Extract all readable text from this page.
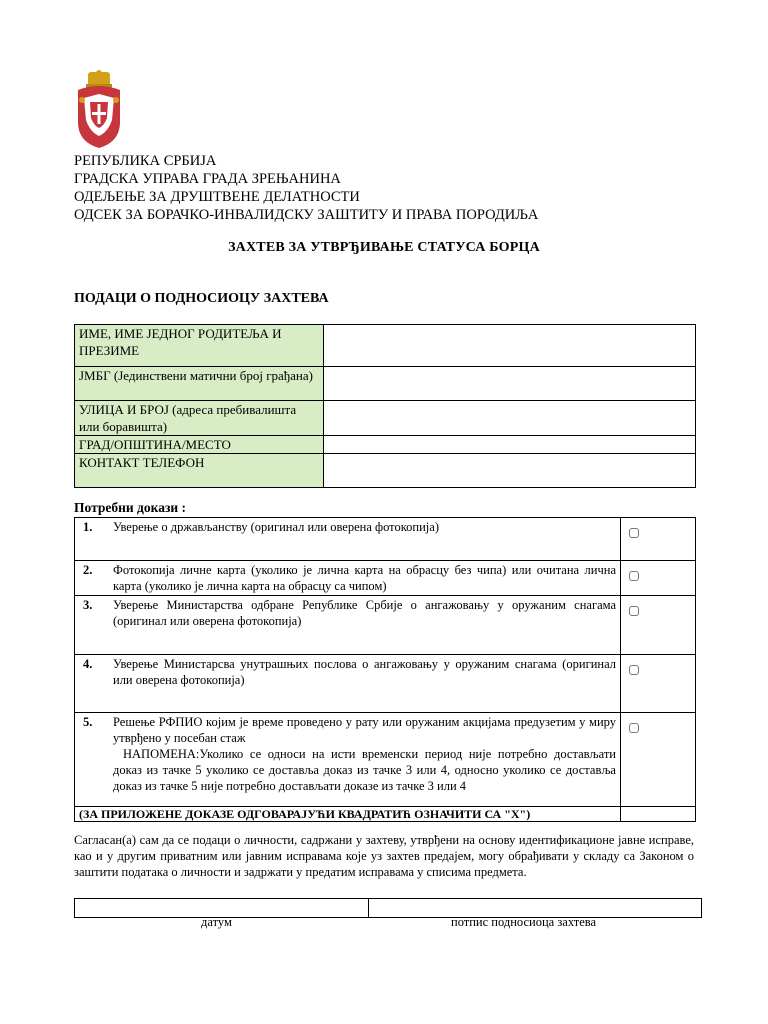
РЕПУБЛИКА СРБИЈА
ГРАДСКА УПРАВА ГРАДА ЗРЕЊАНИНА
ОДЕЉЕЊЕ ЗА ДРУШТВЕНЕ ДЕЛАТНОСТИ
ОДСЕК ЗА БОРАЧКО-ИНВАЛИДСКУ ЗАШТИТУ И ПРАВА ПОРОДИЉА
ЗАХТЕВ ЗА УТВРЂИВАЊЕ СТАТУСА БОРЦА
ПОДАЦИ О ПОДНОСИОЦУ ЗАХТЕВА
ИМЕ, ИМЕ ЈЕДНОГ РОДИТЕЉА И ПРЕЗИМЕ	
ЈМБГ (Јединствени матични број грађана)	
УЛИЦА И БРОЈ (адреса пребивалишта или боравишта)	
ГРАД/ОПШТИНА/МЕСТО	
КОНТАКТ ТЕЛЕФОН	
Потребни докази :
1.	Уверење о држављанству (оригинал или оверена фотокопија)	
2.	Фотокопија личне карта (уколико је лична карта на обрасцу без чипа) или очитана лична карта (уколико је лична карта на обрасцу са чипом)	
3.	Уверење Министарства одбране Републике Србије о ангажовању у оружаним снагама (оригинал или оверена фотокопија)	
4.	Уверење Министарсва унутрашњих послова о ангажовању у оружаним снагама (оригинал или оверена фотокопија)	
5.	Решење РФПИО којим је време проведено у рату или оружаним акцијама предузетим у миру утврђено у посебан стаж
НАПОМЕНА:Уколико се односи на исти временски период није потребно достављати доказ из тачке 5 уколико се доставља доказ из тачке 3 или 4, односно уколико се доставља доказ из тачке 5 није потребно достављати доказе из тачке 3 или 4	

(ЗА ПРИЛОЖЕНЕ ДОКАЗЕ ОДГОВАРАЈУЋИ КВАДРАТИЋ ОЗНАЧИТИ СА "Х")		
Сагласан(а) сам да се подаци о личности, садржани у захтеву, утврђени на основу идентификационе јавне исправе, као и у другим приватним или јавним исправама које уз захтев предајем, могу обрађивати у складу са Законом о заштити података о личности и задржати у предатим исправама у списима предмета.

датум	потпис подносиоца захтева
